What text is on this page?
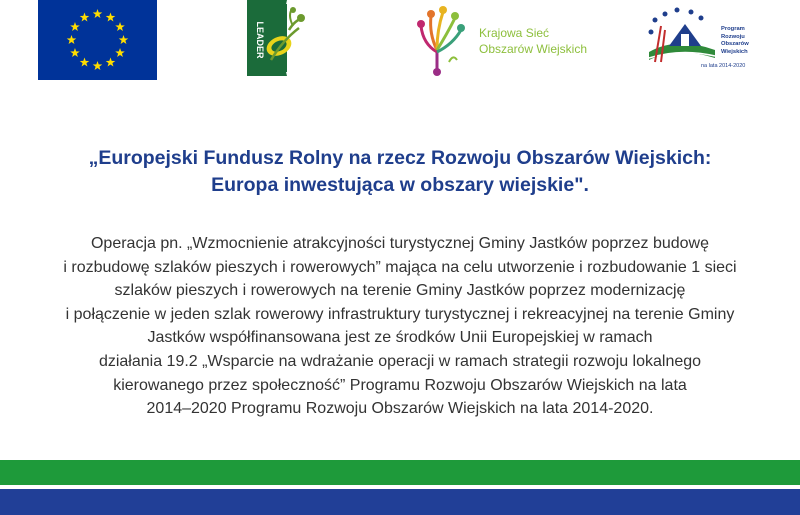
LEADER	Krajowa Sieć
Obszarów Wiejskich
Program
Rozwoju
Obszarów
Wiejskich
na lata 2014-2020
„Europejski Fundusz Rolny na rzecz Rozwoju Obszarów Wiejskich:
Europa inwestująca w obszary wiejskie".

Operacja pn. „Wzmocnienie atrakcyjności turystycznej Gminy Jastków poprzez budowę
i rozbudowę szlaków pieszych i rowerowych” mająca na celu utworzenie i rozbudowanie 1 sieci
szlaków pieszych i rowerowych na terenie Gminy Jastków poprzez modernizację
i połączenie w jeden szlak rowerowy infrastruktury turystycznej i rekreacyjnej na terenie Gminy
Jastków współfinansowana jest ze środków Unii Europejskiej w ramach
działania 19.2 „Wsparcie na wdrażanie operacji w ramach strategii rozwoju lokalnego
kierowanego przez społeczność” Programu Rozwoju Obszarów Wiejskich na lata
2014–2020 Programu Rozwoju Obszarów Wiejskich na lata 2014-2020.
